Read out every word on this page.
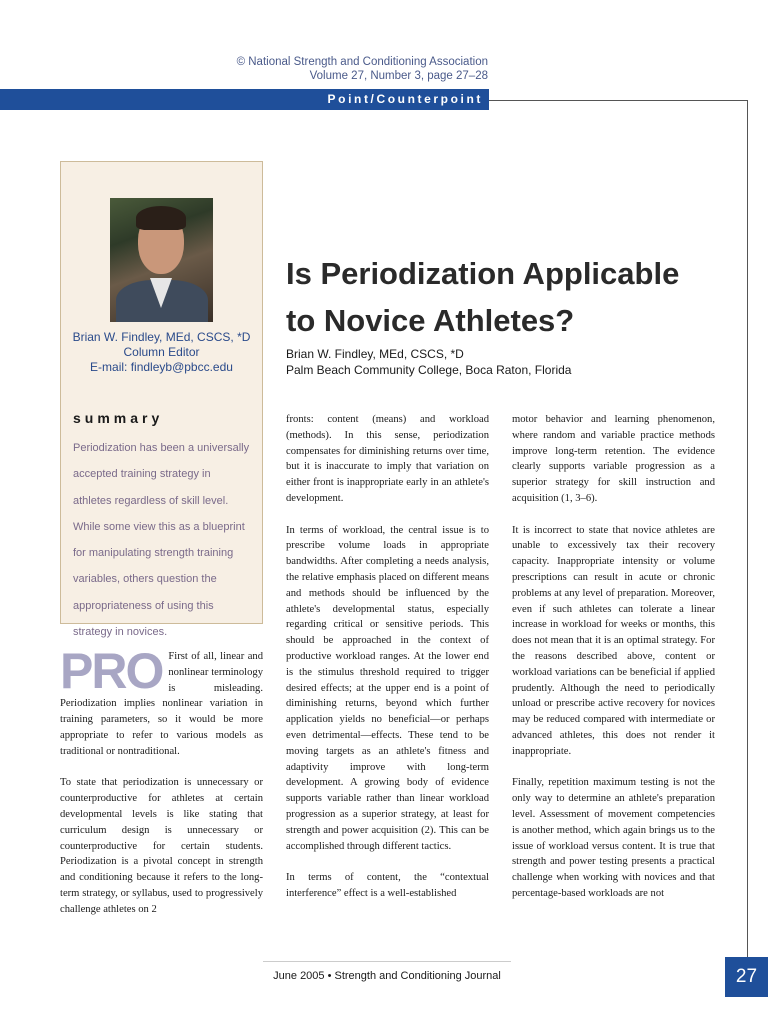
© National Strength and Conditioning Association
Volume 27, Number 3, page 27–28
Point/Counterpoint
Brian W. Findley, MEd, CSCS, *D
Column Editor
E-mail: findleyb@pbcc.edu
summary
Periodization has been a universally accepted training strategy in athletes regardless of skill level. While some view this as a blueprint for manipulating strength training variables, others question the appropriateness of using this strategy in novices.
Is Periodization Applicable
to Novice Athletes?
Brian W. Findley, MEd, CSCS, *D
Palm Beach Community College, Boca Raton, Florida

PRO First of all, linear and nonlinear terminology is misleading. Periodization implies nonlinear variation in training parameters, so it would be more appropriate to refer to various models as traditional or nontraditional.

To state that periodization is unnecessary or counterproductive for athletes at certain developmental levels is like stating that curriculum design is unnecessary or counterproductive for certain students. Periodization is a pivotal concept in strength and conditioning because it refers to the long-term strategy, or syllabus, used to progressively challenge athletes on 2

fronts: content (means) and workload (methods). In this sense, periodization compensates for diminishing returns over time, but it is inaccurate to imply that variation on either front is inappropriate early in an athlete's development.

In terms of workload, the central issue is to prescribe volume loads in appropriate bandwidths. After completing a needs analysis, the relative emphasis placed on different means and methods should be influenced by the athlete's developmental status, especially regarding critical or sensitive periods. This should be approached in the context of productive workload ranges. At the lower end is the stimulus threshold required to trigger desired effects; at the upper end is a point of diminishing returns, beyond which further application yields no beneficial—or perhaps even detrimental—effects. These tend to be moving targets as an athlete's fitness and adaptivity improve with long-term development. A growing body of evidence supports variable rather than linear workload progression as a superior strategy, at least for strength and power acquisition (2). This can be accomplished through different tactics.

In terms of content, the “contextual interference” effect is a well-established

motor behavior and learning phenomenon, where random and variable practice methods improve long-term retention. The evidence clearly supports variable progression as a superior strategy for skill instruction and acquisition (1, 3–6).

It is incorrect to state that novice athletes are unable to excessively tax their recovery capacity. Inappropriate intensity or volume prescriptions can result in acute or chronic problems at any level of preparation. Moreover, even if such athletes can tolerate a linear increase in workload for weeks or months, this does not mean that it is an optimal strategy. For the reasons described above, content or workload variations can be beneficial if applied prudently. Although the need to periodically unload or prescribe active recovery for novices may be reduced compared with intermediate or advanced athletes, this does not render it inappropriate.

Finally, repetition maximum testing is not the only way to determine an athlete's preparation level. Assessment of movement competencies is another method, which again brings us to the issue of workload versus content. It is true that strength and power testing presents a practical challenge when working with novices and that percentage-based workloads are not

June 2005 • Strength and Conditioning Journal	27
